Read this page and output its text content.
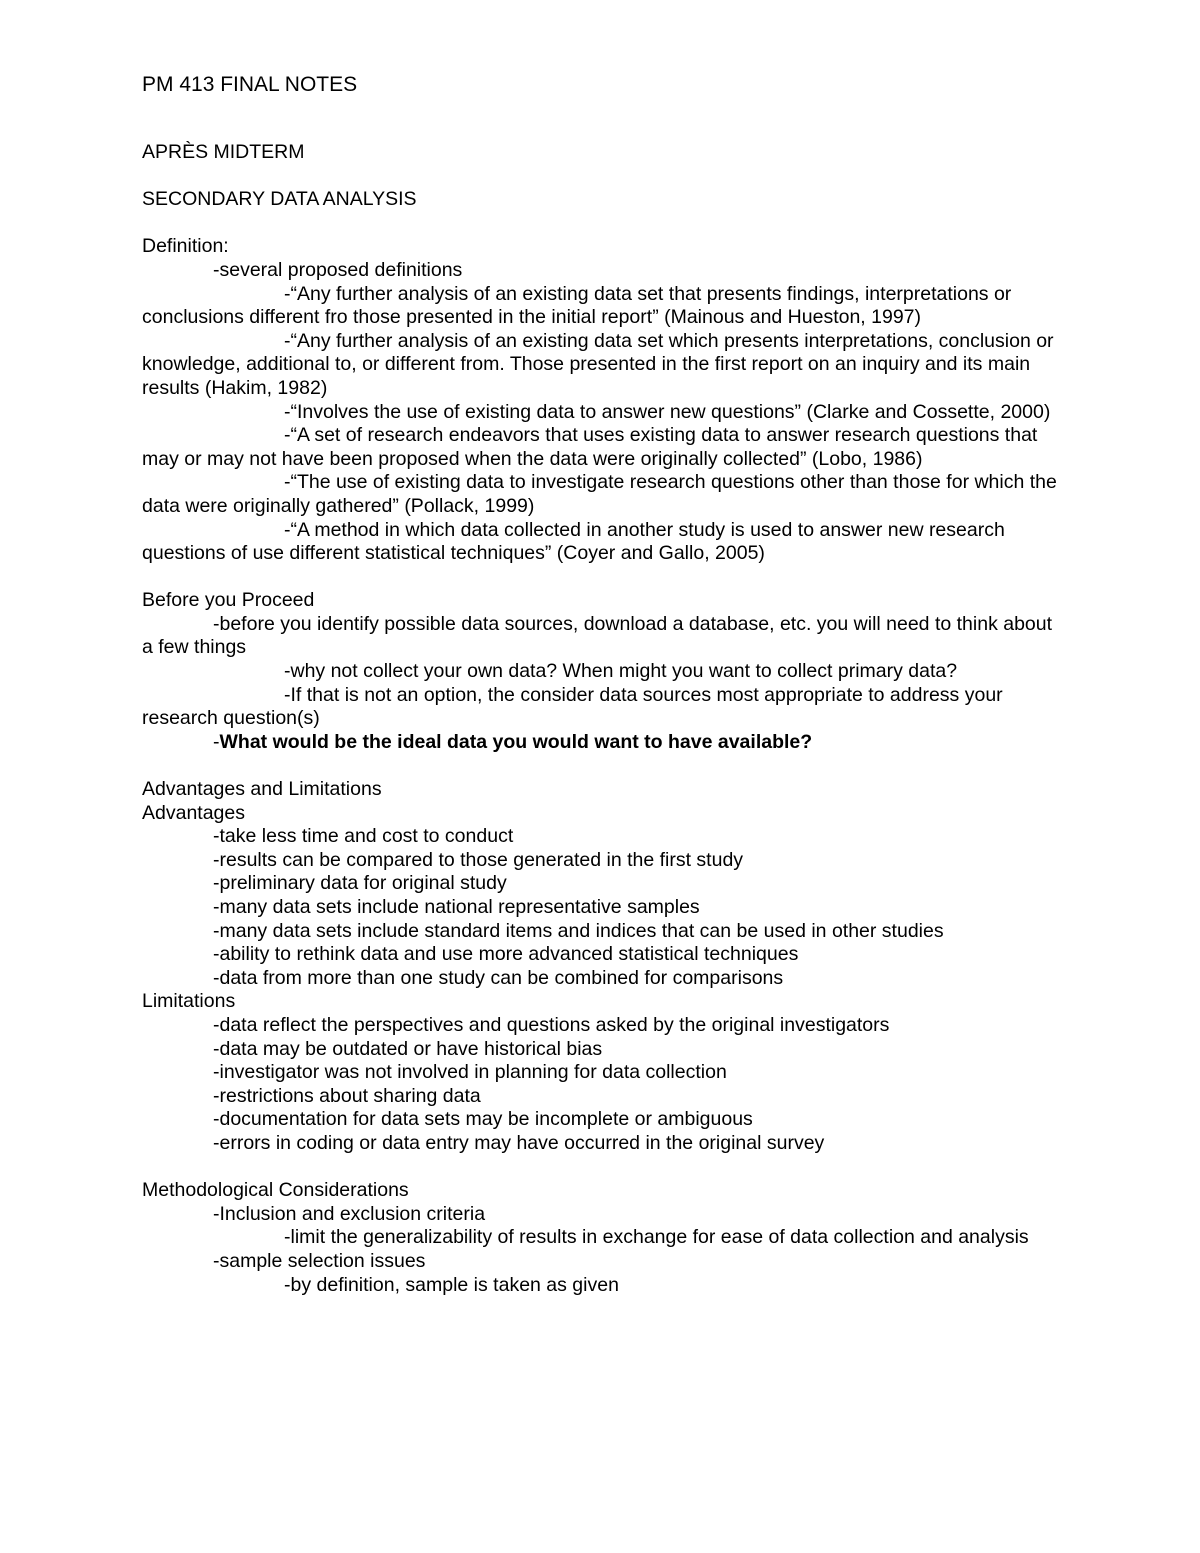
PM 413 FINAL NOTES

APRÈS MIDTERM

SECONDARY DATA ANALYSIS

Definition:

-several proposed definitions

-“Any further analysis of an existing data set that presents findings, interpretations or conclusions different fro those presented in the initial report” (Mainous and Hueston, 1997)

-“Any further analysis of an existing data set which presents interpretations, conclusion or knowledge, additional to, or different from. Those presented in the first report on an inquiry and its main results (Hakim, 1982)

-“Involves the use of existing data to answer new questions” (Clarke and Cossette, 2000)

-“A set of research endeavors that uses existing data to answer research questions that may or may not have been proposed when the data were originally collected” (Lobo, 1986)

-“The use of existing data to investigate research questions other than those for which the data were originally gathered” (Pollack, 1999)

-“A method in which data collected in another study is used to answer new research questions of use different statistical techniques” (Coyer and Gallo, 2005)

Before you Proceed

-before you identify possible data sources, download a database, etc. you will need to think about a few things

-why not collect your own data? When might you want to collect primary data?

-If that is not an option, the consider data sources most appropriate to address your research question(s)

-What would be the ideal data you would want to have available?

Advantages and Limitations

Advantages

-take less time and cost to conduct

-results can be compared to those generated in the first study

-preliminary data for original study

-many data sets include national representative samples

-many data sets include standard items and indices that can be used in other studies

-ability to rethink data and use more advanced statistical techniques

-data from more than one study can be combined for comparisons

Limitations

-data reflect the perspectives and questions asked by the original investigators

-data may be outdated or have historical bias

-investigator was not involved in planning for data collection

-restrictions about sharing data

-documentation for data sets may be incomplete or ambiguous

-errors in coding or data entry may have occurred in the original survey

Methodological Considerations

-Inclusion and exclusion criteria

-limit the generalizability of results in exchange for ease of data collection and analysis

-sample selection issues

-by definition, sample is taken as given
